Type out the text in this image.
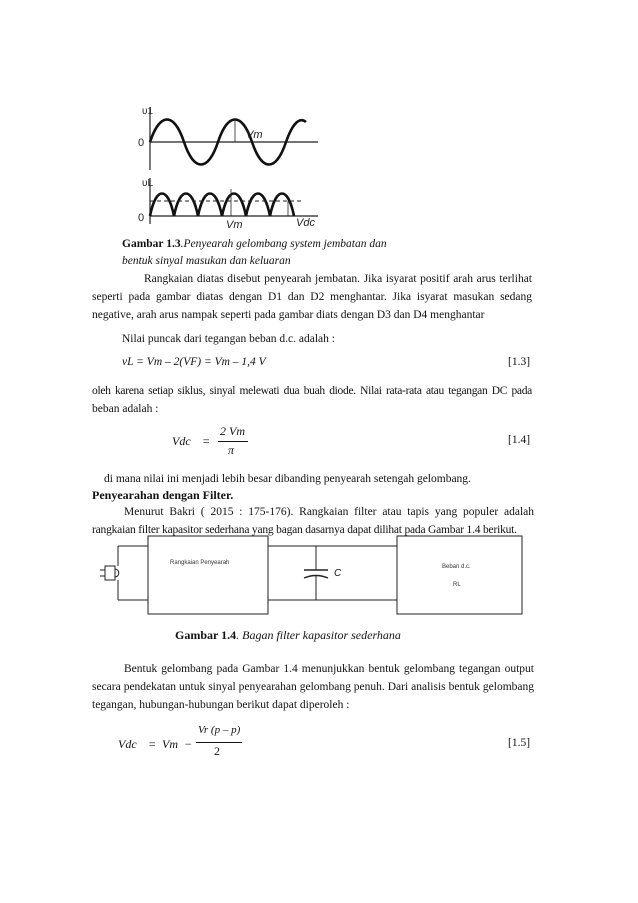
υ1
0
Vm
υL
0
Vm	Vdc
Gambar 1.3.Penyearah gelombang system jembatan dan
bentuk sinyal masukan dan keluaran
Rangkaian diatas disebut penyearah jembatan. Jika isyarat positif arah arus terlihat
seperti pada gambar diatas dengan D1 dan D2 menghantar. Jika isyarat masukan sedang
negative, arah arus nampak seperti pada gambar diats dengan D3 dan D4 menghantar
Nilai puncak dari tegangan beban d.c. adalah :
vL = Vm – 2(VF) = Vm – 1,4 V	[1.3]
oleh karena setiap siklus, sinyal melewati dua buah diode. Nilai rata-rata atau tegangan DC pada
beban adalah :
Vdc =
2 Vm
π
[1.4]
di mana nilai ini menjadi lebih besar dibanding penyearah setengah gelombang.
Penyearahan dengan Filter.
Menurut Bakri ( 2015 : 175-176). Rangkaian filter atau tapis yang populer adalah
rangkaian filter kapasitor sederhana yang bagan dasarnya dapat dilihat pada Gambar 1.4 berikut.
Rangkaian Penyearah
C
Beban d.c.
RL
Gambar 1.4. Bagan filter kapasitor sederhana
Bentuk gelombang pada Gambar 1.4 menunjukkan bentuk gelombang tegangan output
secara pendekatan untuk sinyal penyearahan gelombang penuh. Dari analisis bentuk gelombang
tegangan, hubungan-hubungan berikut dapat diperoleh :
Vdc = Vm −
Vr (p – p)
2
[1.5]
